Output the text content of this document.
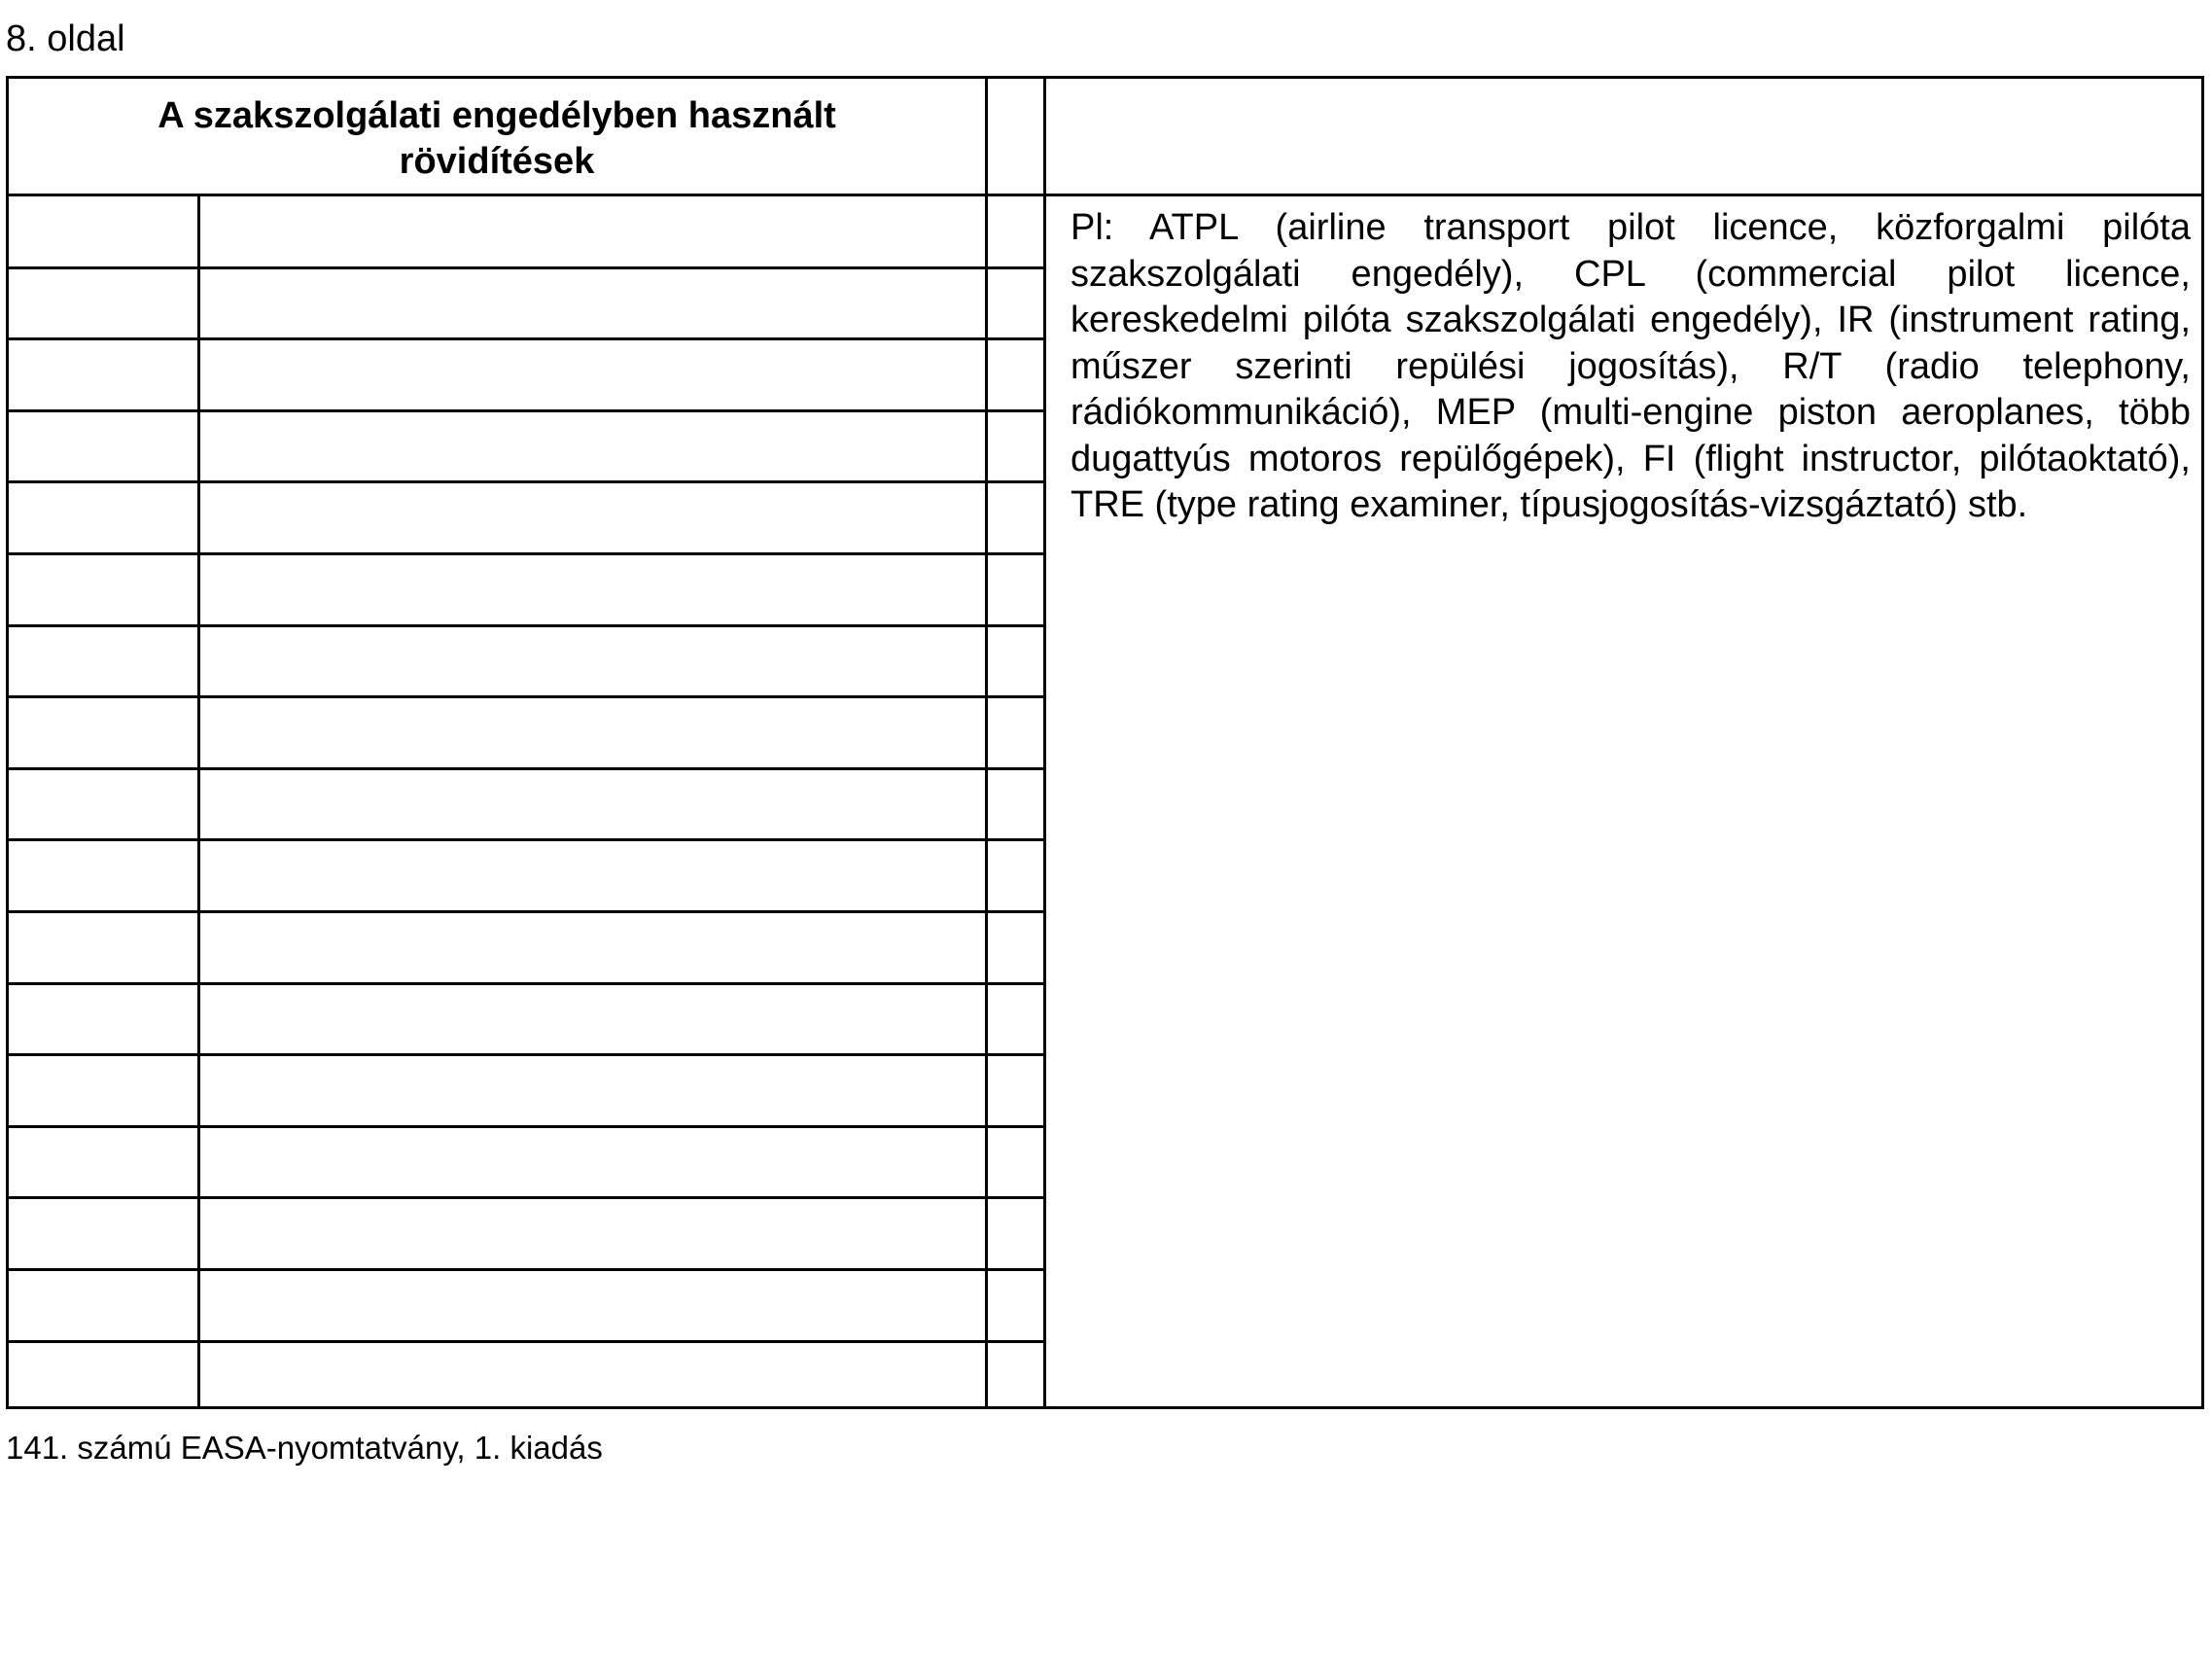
8. oldal
A szakszolgálati engedélyben használt rövidítések
Pl: ATPL (airline transport pilot licence, közforgalmi pilóta szakszolgálati engedély), CPL (commercial pilot licence, kereskedelmi pilóta szakszolgálati engedély), IR (instrument rating, műszer szerinti repülési jogosítás), R/T (radio telephony, rádiókommunikáció), MEP (multi-engine piston aeroplanes, több dugattyús motoros repülőgépek), FI (flight instructor, pilótaoktató), TRE (type rating examiner, típusjogosítás-vizsgáztató) stb.
141. számú EASA-nyomtatvány, 1. kiadás
